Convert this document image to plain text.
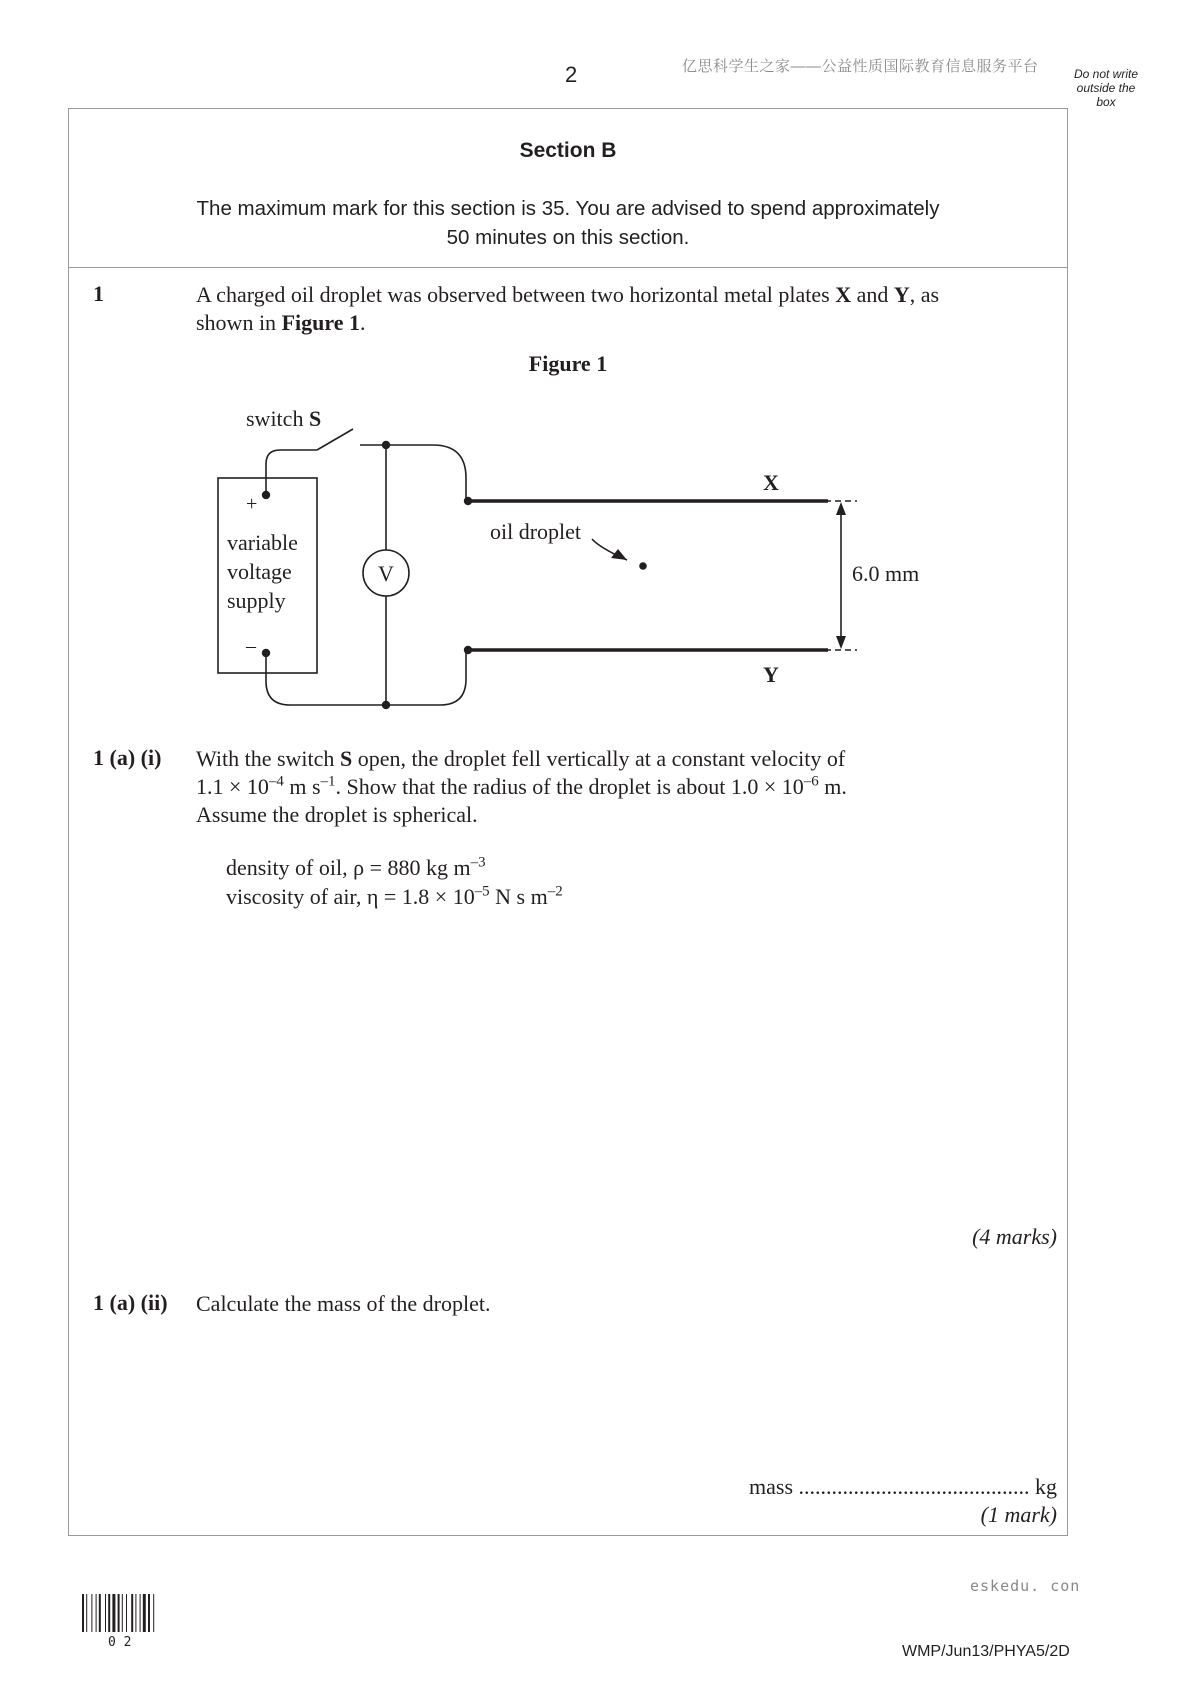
2	亿思科学生之家——公益性质国际教育信息服务平台	Do not write outside the box
Section B
The maximum mark for this section is 35. You are advised to spend approximately
50 minutes on this section.
1	A charged oil droplet was observed between two horizontal metal plates X and Y, as
shown in Figure 1.
Figure 1
switch S
+
–
variable
voltage
supply
V
oil droplet
X
Y
6.0 mm
1 (a) (i) With the switch S open, the droplet fell vertically at a constant velocity of
$1.1 \times 10^{-4}$ m $s^{-1}$. Show that the radius of the droplet is about $1.0 \times 10^{-6}$ m.
Assume the droplet is spherical.
density of oil, ρ = 880 kg $m^{-3}$
viscosity of air, $\eta = 1.8 \times 10^{-5}$ N s $m^{-2}$
(4 marks)
1 (a) (ii) Calculate the mass of the droplet.
mass .......................................... kg
(1 mark)
eskedu. con
0 2
WMP/Jun13/PHYA5/2D
